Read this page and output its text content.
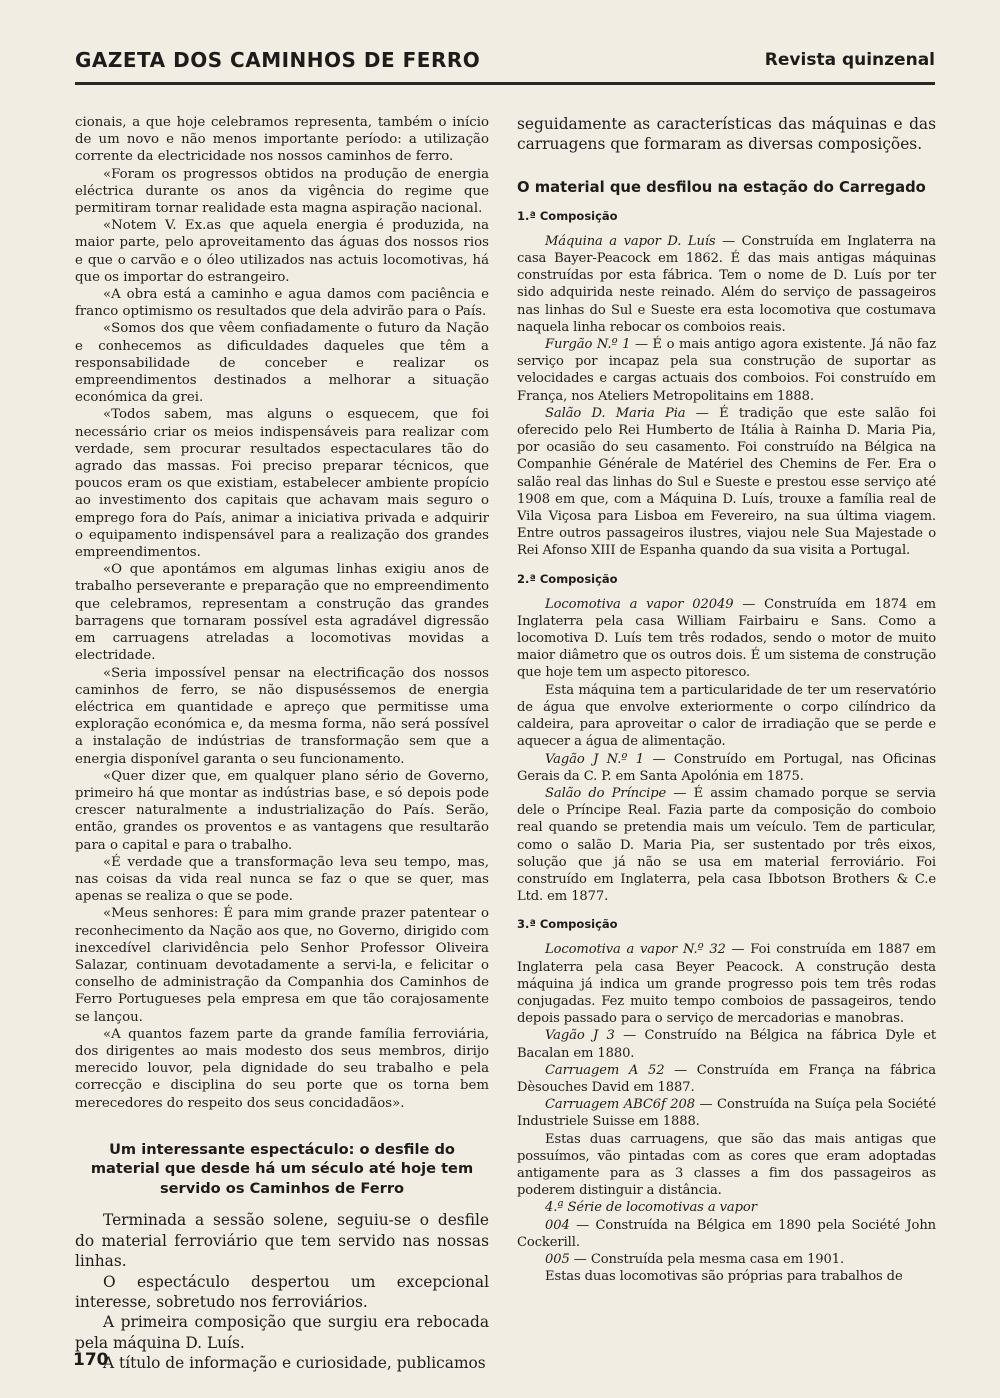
GAZETA DOS CAMINHOS DE FERRO	Revista quinzenal

cionais, a que hoje celebramos representa, também o início de um novo e não menos importante período: a utilização corrente da electricidade nos nossos caminhos de ferro.

«Foram os progressos obtidos na produção de energia eléctrica durante os anos da vigência do regime que permitiram tornar realidade esta magna aspiração nacional.

«Notem V. Ex.as que aquela energia é produzida, na maior parte, pelo aproveitamento das águas dos nossos rios e que o carvão e o óleo utilizados nas actuis locomotivas, há que os importar do estrangeiro.

«A obra está a caminho e agua damos com paciência e franco optimismo os resultados que dela advirão para o País.

«Somos dos que vêem confiadamente o futuro da Nação e conhecemos as dificuldades daqueles que têm a responsabilidade de conceber e realizar os empreendimentos destinados a melhorar a situação económica da grei.

«Todos sabem, mas alguns o esquecem, que foi necessário criar os meios indispensáveis para realizar com verdade, sem procurar resultados espectaculares tão do agrado das massas. Foi preciso preparar técnicos, que poucos eram os que existiam, estabelecer ambiente propício ao investimento dos capitais que achavam mais seguro o emprego fora do País, animar a iniciativa privada e adquirir o equipamento indispensável para a realização dos grandes empreendimentos.

«O que apontámos em algumas linhas exigiu anos de trabalho perseverante e preparação que no empreendimento que celebramos, representam a construção das grandes barragens que tornaram possível esta agradável digressão em carruagens atreladas a locomotivas movidas a electridade.

«Seria impossível pensar na electrificação dos nossos caminhos de ferro, se não dispuséssemos de energia eléctrica em quantidade e apreço que permitisse uma exploração económica e, da mesma forma, não será possível a instalação de indústrias de transformação sem que a energia disponível garanta o seu funcionamento.

«Quer dizer que, em qualquer plano sério de Governo, primeiro há que montar as indústrias base, e só depois pode crescer naturalmente a industrialização do País. Serão, então, grandes os proventos e as vantagens que resultarão para o capital e para o trabalho.

«É verdade que a transformação leva seu tempo, mas, nas coisas da vida real nunca se faz o que se quer, mas apenas se realiza o que se pode.

«Meus senhores: É para mim grande prazer patentear o reconhecimento da Nação aos que, no Governo, dirigido com inexcedível clarividência pelo Senhor Professor Oliveira Salazar, continuam devotadamente a servi-la, e felicitar o conselho de administração da Companhia dos Caminhos de Ferro Portugueses pela empresa em que tão corajosamente se lançou.

«A quantos fazem parte da grande família ferroviária, dos dirigentes ao mais modesto dos seus membros, dirijo merecido louvor, pela dignidade do seu trabalho e pela correcção e disciplina do seu porte que os torna bem merecedores do respeito dos seus concidadãos».

Um interessante espectáculo: o desfile do material que desde há um século até hoje tem servido os Caminhos de Ferro

Terminada a sessão solene, seguiu-se o desfile do material ferroviário que tem servido nas nossas linhas.

O espectáculo despertou um excepcional interesse, sobretudo nos ferroviários.

A primeira composição que surgiu era rebocada pela máquina D. Luís.

A título de informação e curiosidade, publicamos

seguidamente as características das máquinas e das carruagens que formaram as diversas composições.

O material que desfilou na estação do Carregado
1.ª Composição

Máquina a vapor D. Luís — Construída em Inglaterra na casa Bayer-Peacock em 1862. É das mais antigas máquinas construídas por esta fábrica. Tem o nome de D. Luís por ter sido adquirida neste reinado. Além do serviço de passageiros nas linhas do Sul e Sueste era esta locomotiva que costumava naquela linha rebocar os comboios reais.

Furgão N.º 1 — É o mais antigo agora existente. Já não faz serviço por incapaz pela sua construção de suportar as velocidades e cargas actuais dos comboios. Foi construído em França, nos Ateliers Metropolitains em 1888.

Salão D. Maria Pia — É tradição que este salão foi oferecido pelo Rei Humberto de Itália à Rainha D. Maria Pia, por ocasião do seu casamento. Foi construído na Bélgica na Companhie Générale de Matériel des Chemins de Fer. Era o salão real das linhas do Sul e Sueste e prestou esse serviço até 1908 em que, com a Máquina D. Luís, trouxe a família real de Vila Viçosa para Lisboa em Fevereiro, na sua última viagem. Entre outros passageiros ilustres, viajou nele Sua Majestade o Rei Afonso XIII de Espanha quando da sua visita a Portugal.

2.ª Composição

Locomotiva a vapor 02049 — Construída em 1874 em Inglaterra pela casa William Fairbairu e Sans. Como a locomotiva D. Luís tem três rodados, sendo o motor de muito maior diâmetro que os outros dois. É um sistema de construção que hoje tem um aspecto pitoresco.

Esta máquina tem a particularidade de ter um reservatório de água que envolve exteriormente o corpo cilíndrico da caldeira, para aproveitar o calor de irradiação que se perde e aquecer a água de alimentação.

Vagão J N.º 1 — Construído em Portugal, nas Oficinas Gerais da C. P. em Santa Apolónia em 1875.

Salão do Príncipe — É assim chamado porque se servia dele o Príncipe Real. Fazia parte da composição do comboio real quando se pretendia mais um veículo. Tem de particular, como o salão D. Maria Pia, ser sustentado por três eixos, solução que já não se usa em material ferroviário. Foi construído em Inglaterra, pela casa Ibbotson Brothers & C.e Ltd. em 1877.

3.ª Composição

Locomotiva a vapor N.º 32 — Foi construída em 1887 em Inglaterra pela casa Beyer Peacock. A construção desta máquina já indica um grande progresso pois tem três rodas conjugadas. Fez muito tempo comboios de passageiros, tendo depois passado para o serviço de mercadorias e manobras.

Vagão J 3 — Construído na Bélgica na fábrica Dyle et Bacalan em 1880.

Carruagem A 52 — Construída em França na fábrica Dèsouches David em 1887.

Carruagem ABC6f 208 — Construída na Suíça pela Société Industriele Suisse em 1888.

Estas duas carruagens, que são das mais antigas que possuímos, vão pintadas com as cores que eram adoptadas antigamente para as 3 classes a fim dos passageiros as poderem distinguir a distância.

4.ª Série de locomotivas a vapor

004 — Construída na Bélgica em 1890 pela Société John Cockerill.

005 — Construída pela mesma casa em 1901.

Estas duas locomotivas são próprias para trabalhos de

170
